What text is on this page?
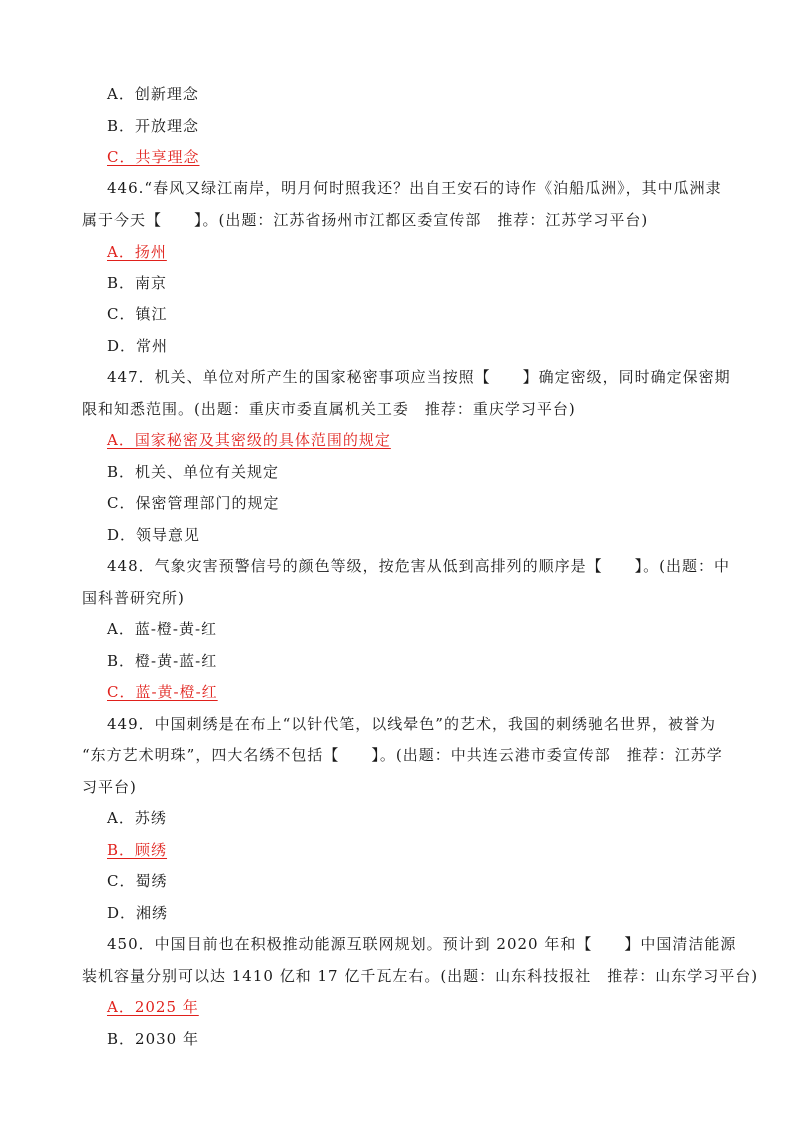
A．创新理念
B．开放理念
C．共享理念
446.“春风又绿江南岸，明月何时照我还？出自王安石的诗作《泊船瓜洲》，其中瓜洲隶
属于今天【　　】。(出题：江苏省扬州市江都区委宣传部　推荐：江苏学习平台)
A．扬州
B．南京
C．镇江
D．常州
447．机关、单位对所产生的国家秘密事项应当按照【　　】确定密级，同时确定保密期
限和知悉范围。(出题：重庆市委直属机关工委　推荐：重庆学习平台)
A．国家秘密及其密级的具体范围的规定
B．机关、单位有关规定
C．保密管理部门的规定
D．领导意见
448．气象灾害预警信号的颜色等级，按危害从低到高排列的顺序是【　　】。(出题：中
国科普研究所)
A．蓝-橙-黄-红
B．橙-黄-蓝-红
C．蓝-黄-橙-红
449．中国刺绣是在布上“以针代笔，以线晕色”的艺术，我国的刺绣驰名世界，被誉为
“东方艺术明珠”，四大名绣不包括【　　】。(出题：中共连云港市委宣传部　推荐：江苏学
习平台)
A．苏绣
B．顾绣
C．蜀绣
D．湘绣
450．中国目前也在积极推动能源互联网规划。预计到 2020 年和【　　】中国清洁能源
装机容量分别可以达 1410 亿和 17 亿千瓦左右。(出题：山东科技报社　推荐：山东学习平台)
A．2025 年
B．2030 年
